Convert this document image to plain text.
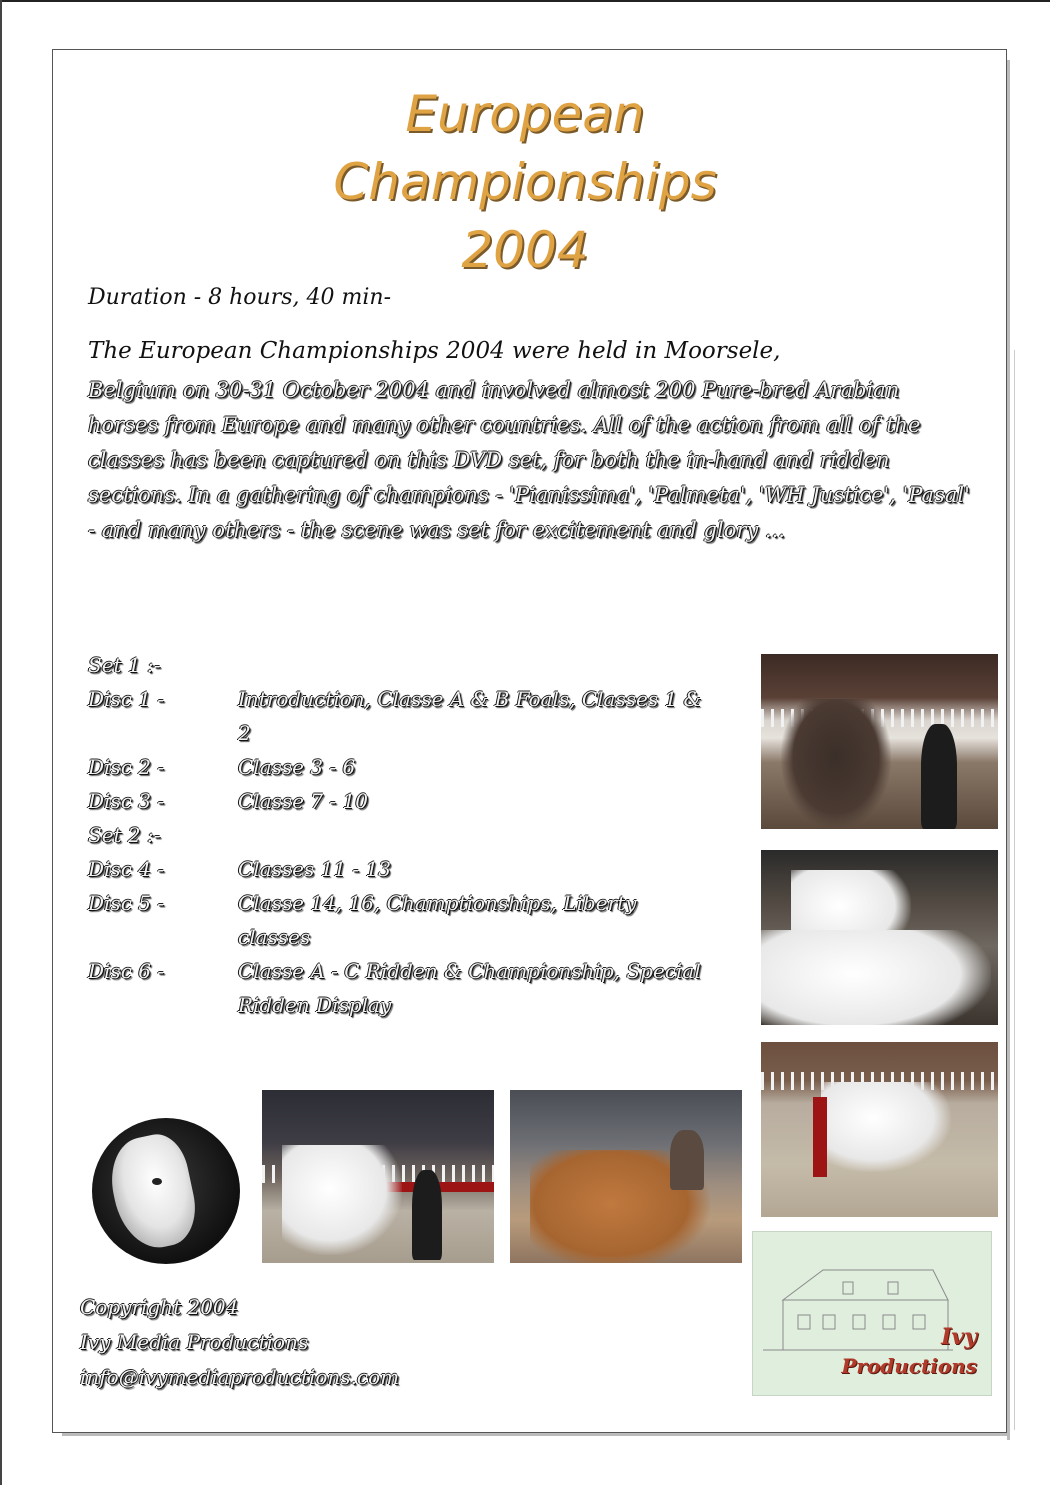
European
Championships
2004
Duration - 8 hours, 40 min-
The European Championships 2004 were held in Moorsele,
Belgium on 30-31 October 2004 and involved almost 200 Pure-bred Arabian horses from Europe and many other countries. All of the action from all of the classes has been captured on this DVD set, for both the in-hand and ridden sections. In a gathering of champions - 'Pianissima', 'Palmeta', 'WH Justice', 'Pasal' - and many others - the scene was set for excitement and glory ...
Set 1 :-
Disc 1 -	Introduction, Classe A & B Foals, Classes 1 & 2
Disc 2 -	Classe 3 - 6
Disc 3 -	Classe 7 - 10
Set 2 :-
Disc 4 -	Classes 11 - 13
Disc 5 -	Classe 14, 16, Champtionships, Liberty classes
Disc 6 -	Classe A - C Ridden & Championship, Special Ridden Display
Copyright 2004
Ivy Media Productions
info@ivymediaproductions.com
Ivy
Productions
